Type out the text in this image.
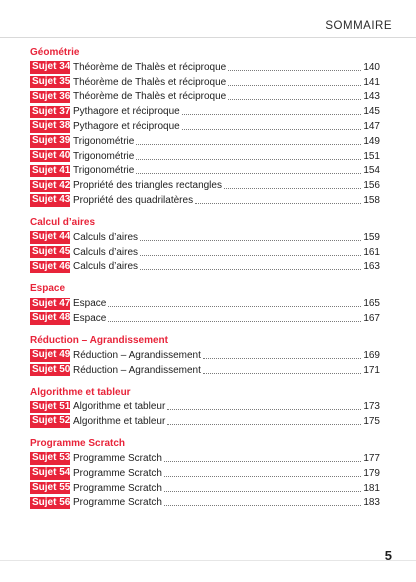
SOMMAIRE
Géométrie
Sujet 34 Théorème de Thalès et réciproque	140
Sujet 35 Théorème de Thalès et réciproque	141
Sujet 36 Théorème de Thalès et réciproque	143
Sujet 37 Pythagore et réciproque	145
Sujet 38 Pythagore et réciproque	147
Sujet 39 Trigonométrie	149
Sujet 40 Trigonométrie	151
Sujet 41 Trigonométrie	154
Sujet 42 Propriété des triangles rectangles	156
Sujet 43 Propriété des quadrilatères	158
Calcul d’aires
Sujet 44 Calculs d’aires	159
Sujet 45 Calculs d’aires	161
Sujet 46 Calculs d’aires	163
Espace
Sujet 47 Espace	165
Sujet 48 Espace	167
Réduction – Agrandissement
Sujet 49 Réduction – Agrandissement	169
Sujet 50 Réduction – Agrandissement	171
Algorithme et tableur
Sujet 51 Algorithme et tableur	173
Sujet 52 Algorithme et tableur	175
Programme Scratch
Sujet 53 Programme Scratch	177
Sujet 54 Programme Scratch	179
Sujet 55 Programme Scratch	181
Sujet 56 Programme Scratch	183
5
